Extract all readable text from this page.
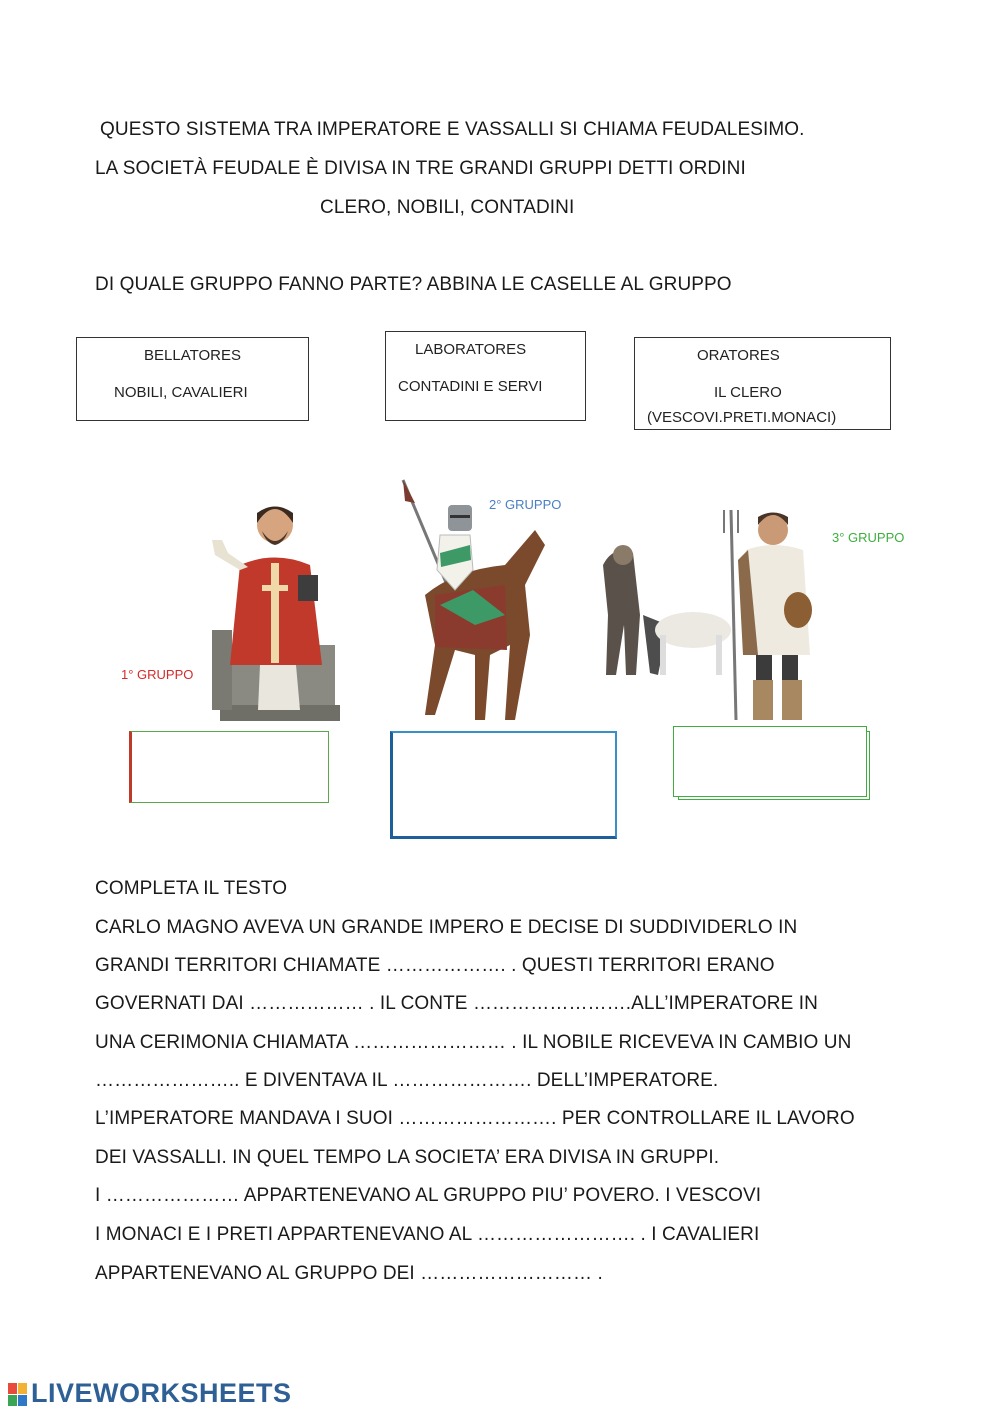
QUESTO SISTEMA TRA IMPERATORE E VASSALLI SI CHIAMA FEUDALESIMO.
LA SOCIETÀ FEUDALE È DIVISA IN TRE GRANDI GRUPPI DETTI ORDINI
CLERO, NOBILI, CONTADINI
DI QUALE GRUPPO FANNO PARTE? ABBINA LE CASELLE AL GRUPPO
BELLATORES
NOBILI, CAVALIERI
LABORATORES
CONTADINI E SERVI
ORATORES
IL CLERO
(VESCOVI.PRETI.MONACI)
1° GRUPPO
2° GRUPPO
3° GRUPPO
COMPLETA IL TESTO
CARLO MAGNO AVEVA UN GRANDE IMPERO E DECISE DI SUDDIVIDERLO IN
GRANDI TERRITORI CHIAMATE ………………. . QUESTI TERRITORI ERANO
GOVERNATI DAI ……………… . IL CONTE …………………….ALL’IMPERATORE IN
UNA CERIMONIA CHIAMATA …………………… . IL NOBILE RICEVEVA IN CAMBIO UN
………………….. E DIVENTAVA IL …………………. DELL’IMPERATORE.
L’IMPERATORE MANDAVA I SUOI ……………………. PER CONTROLLARE IL LAVORO
DEI VASSALLI. IN QUEL TEMPO LA SOCIETA’ ERA DIVISA IN GRUPPI.
I ………………… APPARTENEVANO AL GRUPPO PIU’ POVERO. I VESCOVI
I MONACI E I PRETI APPARTENEVANO AL ……………………. . I CAVALIERI
APPARTENEVANO AL GRUPPO DEI ……………………… .
LIVEWORKSHEETS
